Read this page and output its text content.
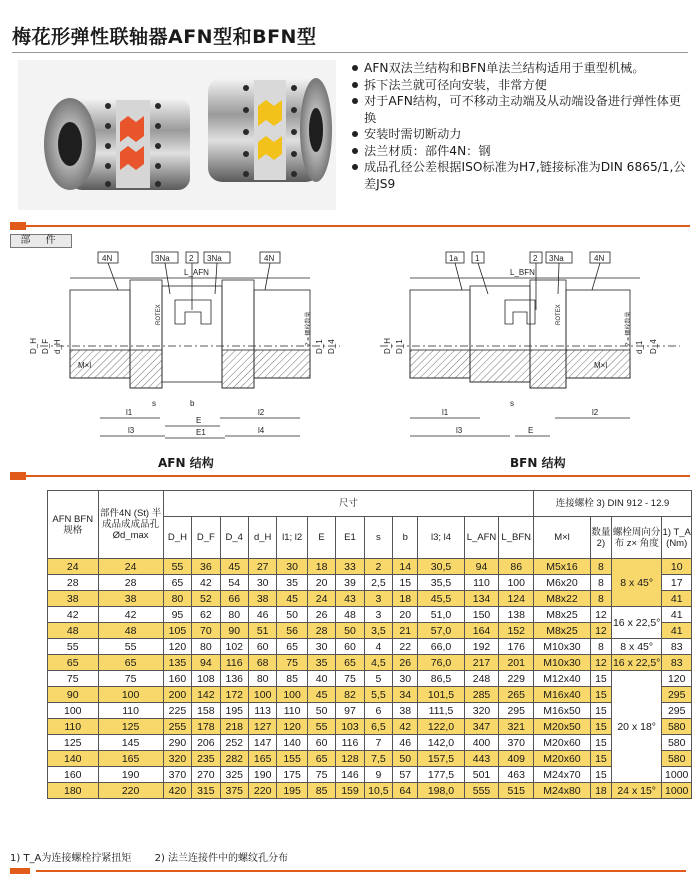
梅花形弹性联轴器AFN型和BFN型
AFN双法兰结构和BFN单法兰结构适用于重型机械。
拆下法兰就可径向安装，非常方便
对于AFN结构，可不移动主动端及从动端设备进行弹性体更换
安装时需切断动力
法兰材质：部件4N：钢
成品孔径公差根据ISO标准为H7,链接标准为DIN 6865/1,公差JS9
部 件
4N	3Na 2 3Na	4N
L_AFN
ROTEX
M×l
D_H D_F d_H	D_1 D_4
Z = 螺栓数量
l1
l3
E
E1
l2
l4
s	b
1a 1	2 3Na	4N
L_BFN
ROTEX
M×l
D_H D_1	d_1 D_4
Z = 螺栓数量
l1
l3	E
l2
s
AFN 结构	BFN 结构
AFN BFN 规格	部件4N (St) 半成品成成品孔 Ød_max	尺寸												连接螺栓 3) DIN 912 - 12.9			
		D_H	D_F	D_4	d_H	l1; l2	E	E1	s	b	l3; l4	L_AFN	L_BFN	M×l	数量 2)	螺栓周向分布 z× 角度	1) T_A (Nm)
24	24	55	36	45	27	30	18	33	2	14	30,5	94	86	M5x16	8	8 x 45°	10
28	28	65	42	54	30	35	20	39	2,5	15	35,5	110	100	M6x20	8		17
38	38	80	52	66	38	45	24	43	3	18	45,5	134	124	M8x22	8		41
42	42	95	62	80	46	50	26	48	3	20	51,0	150	138	M8x25	12	16 x 22,5°	41
48	48	105	70	90	51	56	28	50	3,5	21	57,0	164	152	M8x25	12		41
55	55	120	80	102	60	65	30	60	4	22	66,0	192	176	M10x30	8	8 x 45°	83
65	65	135	94	116	68	75	35	65	4,5	26	76,0	217	201	M10x30	12	16 x 22,5°	83
75	75	160	108	136	80	85	40	75	5	30	86,5	248	229	M12x40	15	20 x 18°	120
90	100	200	142	172	100	100	45	82	5,5	34	101,5	285	265	M16x40	15		295
100	110	225	158	195	113	110	50	97	6	38	111,5	320	295	M16x50	15		295
110	125	255	178	218	127	120	55	103	6,5	42	122,0	347	321	M20x50	15		580
125	145	290	206	252	147	140	60	116	7	46	142,0	400	370	M20x60	15		580
140	165	320	235	282	165	155	65	128	7,5	50	157,5	443	409	M20x60	15		580
160	190	370	270	325	190	175	75	146	9	57	177,5	501	463	M24x70	15		1000
180	220	420	315	375	220	195	85	159	10,5	64	198,0	555	515	M24x80	18	24 x 15°	1000
1) T_A为连接螺栓拧紧扭矩 2) 法兰连接件中的螺纹孔分布
